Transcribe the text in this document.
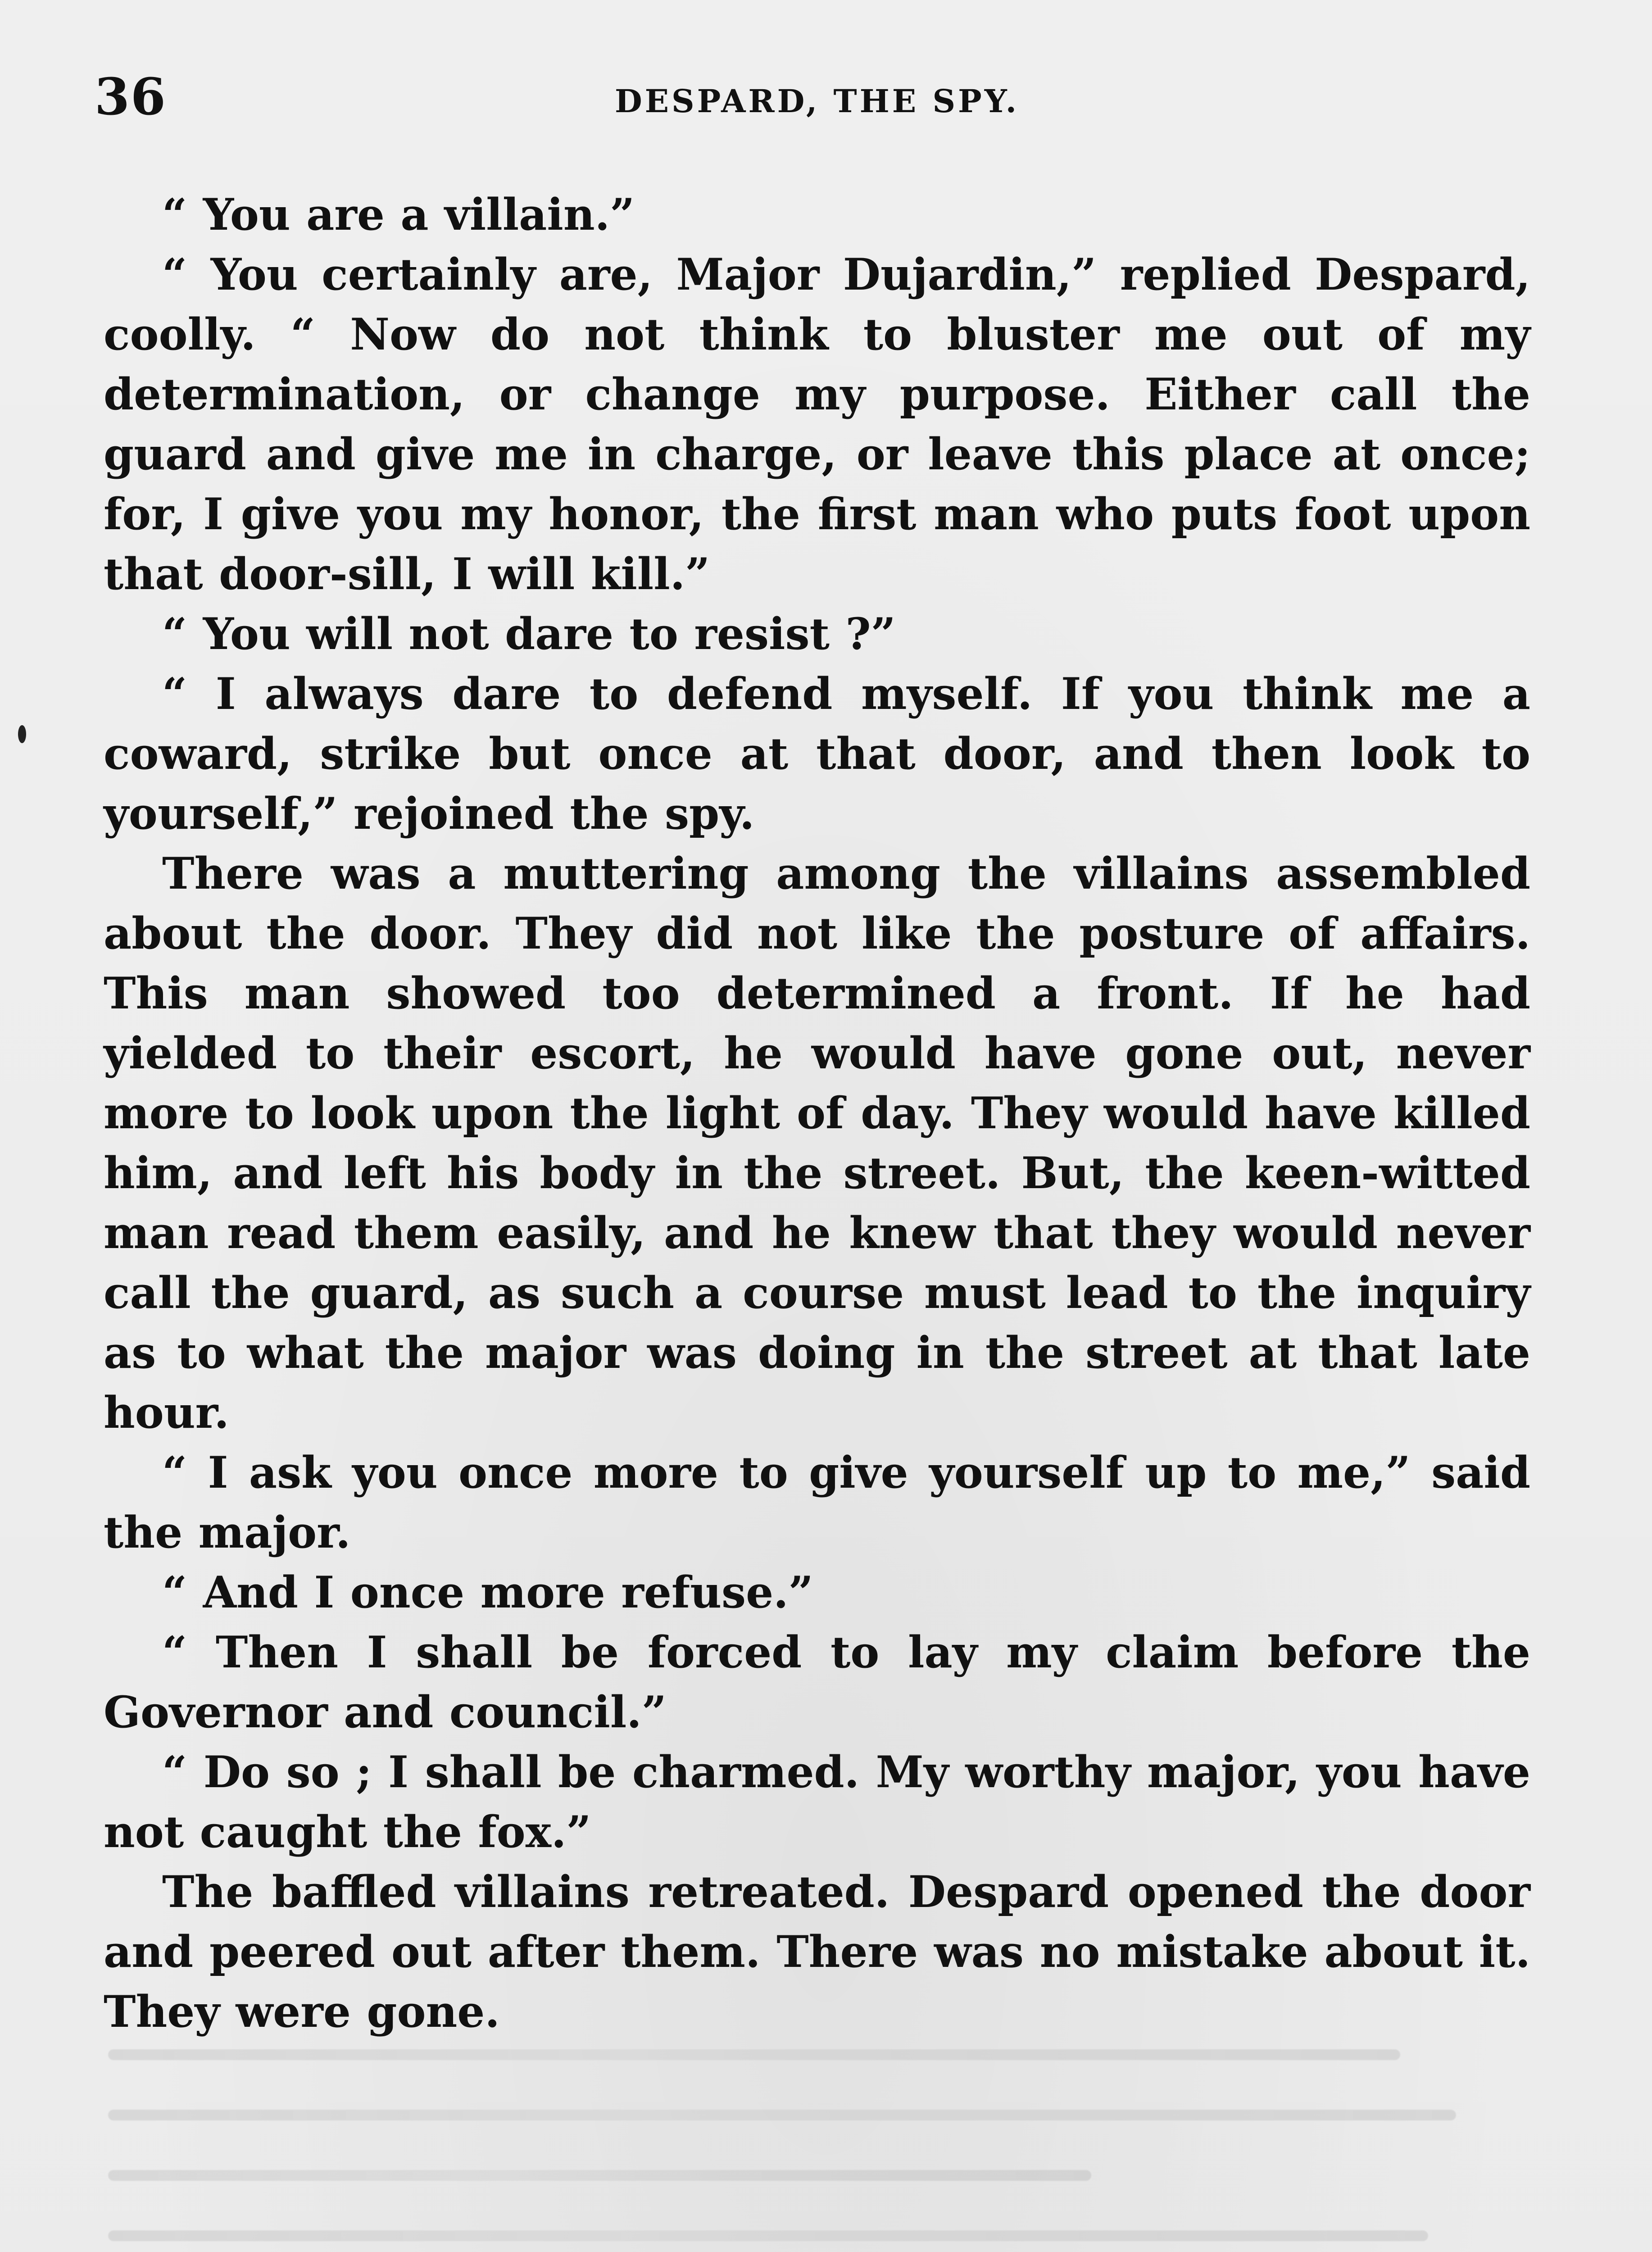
36	DESPARD, THE SPY.

“ You are a villain.”

“ You certainly are, Major Dujardin,” replied Despard, coolly. “ Now do not think to bluster me out of my determination, or change my purpose. Either call the guard and give me in charge, or leave this place at once; for, I give you my honor, the first man who puts foot upon that door-sill, I will kill.”

“ You will not dare to resist ?”

“ I always dare to defend myself. If you think me a coward, strike but once at that door, and then look to yourself,” rejoined the spy.

There was a muttering among the villains assembled about the door. They did not like the posture of affairs. This man showed too determined a front. If he had yielded to their escort, he would have gone out, never more to look upon the light of day. They would have killed him, and left his body in the street. But, the keen-witted man read them easily, and he knew that they would never call the guard, as such a course must lead to the inquiry as to what the major was doing in the street at that late hour.

“ I ask you once more to give yourself up to me,” said the major.

“ And I once more refuse.”

“ Then I shall be forced to lay my claim before the Governor and council.”

“ Do so ; I shall be charmed. My worthy major, you have not caught the fox.”

The baffled villains retreated. Despard opened the door and peered out after them. There was no mistake about it. They were gone.
